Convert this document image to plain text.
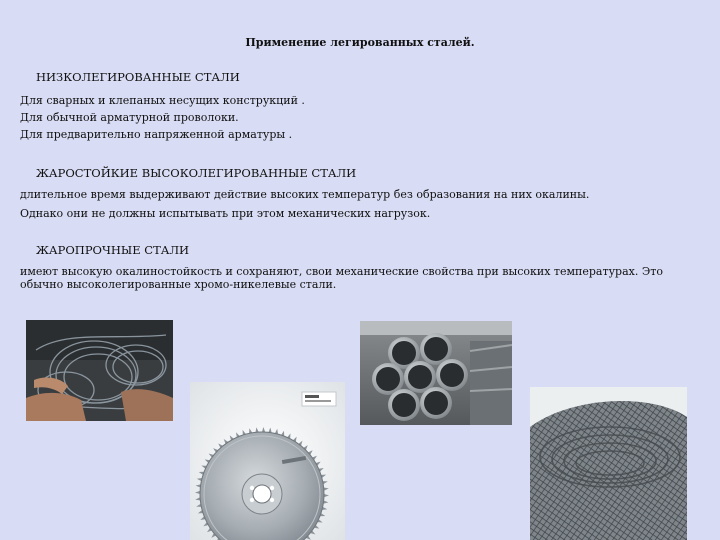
Применение легированных сталей.
НИЗКОЛЕГИРОВАННЫЕ СТАЛИ
Для сварных и клепаных несущих конструкций .
Для обычной арматурной проволоки.
Для предварительно напряженной арматуры .
ЖАРОСТОЙКИЕ ВЫСОКОЛЕГИРОВАННЫЕ СТАЛИ
длительное время выдерживают действие высоких температур без образования на них окалины.
Однако они не должны испытывать при этом механических нагрузок.
ЖАРОПРОЧНЫЕ СТАЛИ
имеют высокую окалиностойкость и сохраняют, свои механические свойства при высоких температурах. Это обычно высоколегированные хромо-никелевые стали.
